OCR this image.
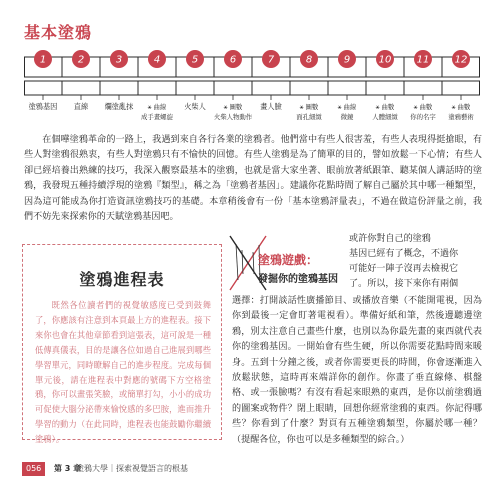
基本塗鴉
1
塗鴉基因
2
直線
3
爛塗亂抹
4
⚹ 曲線
成手畫螺旋
5
火柴人
6
⚹ 圖數
火柴人物動作
7
畫人臉
8
⚹ 圖數
面孔細緻
9
⚹ 曲線
微鏡
10
⚹ 曲數
人體細緻
11
⚹ 曲數
你的名字
12
⚹ 曲數
塗鴉藝術

在個嘩塗鴉革命的一路上，我遇到來自各行各業的塗鴉者。他們當中有些人很害羞，有些人表現得挺搶眼，有些人對塗鴉很熟衷，有些人對塗鴉只有不愉快的回憶。有些人塗鴉是為了簡單的目的，譬如放鬆一下心情；有些人卻已經培養出熟練的技巧，我深入觀察最基本的塗鴉，也就是當大家坐著、眼前放著紙跟筆、聽某個人講話時的塗鴉，我發現五種持續浮現的塗鴉『類型』，稱之為「塗鴉者基因」。建議你花點時間了解自己屬於其中哪一種類型，因為這可能成為你打造資訊塗鴉技巧的基礎。本章稍後會有一份「基本塗鴉評量表」，不過在做這份評量之前，我們不妨先來探索你的天賦塗鴉基因吧。

塗鴉進程表

既然各位讀者們的視覺敏感度已受到鼓舞了，你應該有注意到本頁最上方的進程表。接下來你也會在其他章節看到這張表，這可說是一種低傳真儀表，目的是讓各位如過自己進展到哪些學習單元，同時瞭解自己的進步程度。完成每個單元後，請在進程表中對應的號碼下方空格塗鴉，你可以畫張笑臉，或簡單打勾，小小的成功可促使大腦分泌帶來愉悅感的多巴胺，進而推升學習的動力（在此同時，進程表也能鼓勵你繼續塗鴉）。

塗鴉遊戲：
發掘你的塗鴉基因

或許你對自己的塗鴉

基因已經有了概念，不過你

可能好一陣子沒再去檢視它

了。所以，接下來你有兩個

選擇：打開談話性廣播節目、或播放音樂（不能開電視，因為你到最後一定會盯著電視看）。準備好紙和筆，然後邊聽邊塗鴉，別太注意自己畫些什麼，也別以為你最先畫的東西就代表你的塗鴉基因。一開始會有些生硬，所以你需要花點時間來暖身。五到十分鐘之後，或者你需要更長的時間，你會逐漸進入放鬆狀態，這時再來端詳你的創作。你畫了垂直線條、棋盤格、或一張臉嗎？有沒有看起來眼熟的東西，是你以前塗鴉過的圖案或物件？閉上眼睛，回想你經常塗鴉的東西。你記得哪些？你看到了什麼？對頁有五種塗鴉類型，你屬於哪一種？（提醒各位，你也可以是多種類型的綜合。）

056	第 3 章
塗鴉大學｜探索視覺語言的根基
